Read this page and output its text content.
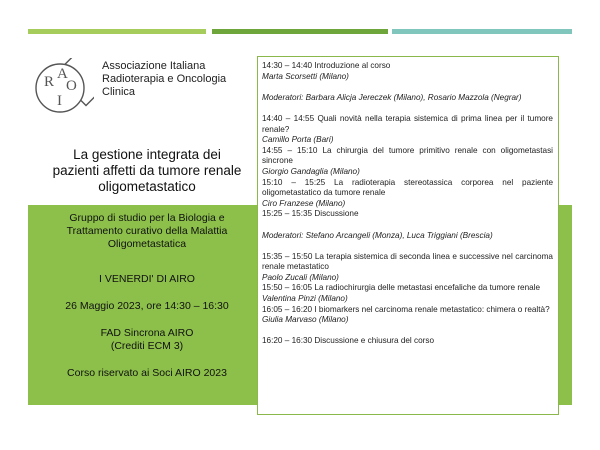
R A
O
I
Associazione Italiana
Radioterapia e Oncologia
Clinica
La gestione integrata dei
pazienti affetti da tumore renale
oligometastatico

Gruppo di studio per la Biologia e

Trattamento curativo della Malattia

Oligometastatica

I VENERDI' DI AIRO

26 Maggio 2023, ore 14:30 – 16:30

FAD Sincrona AIRO

(Crediti ECM 3)

Corso riservato ai Soci AIRO 2023

14:30 – 14:40 Introduzione al corso

Marta Scorsetti (Milano)

Moderatori: Barbara Alicja Jereczek (Milano), Rosario Mazzola (Negrar)

14:40 – 14:55 Quali novità nella terapia sistemica di prima linea per il tumore renale?

Camillo Porta (Bari)

14:55 – 15:10 La chirurgia del tumore primitivo renale con oligometastasi sincrone

Giorgio Gandaglia (Milano)

15:10 – 15:25 La radioterapia stereotassica corporea nel paziente oligometastatico da tumore renale

Ciro Franzese (Milano)

15:25 – 15:35 Discussione

Moderatori: Stefano Arcangeli (Monza), Luca Triggiani (Brescia)

15:35 – 15:50 La terapia sistemica di seconda linea e successive nel carcinoma renale metastatico

Paolo Zucali (Milano)

15:50 – 16:05 La radiochirurgia delle metastasi encefaliche da tumore renale

Valentina Pinzi (Milano)

16:05 – 16:20 I biomarkers nel carcinoma renale metastatico: chimera o realtà?

Giulia Marvaso (Milano)

16:20 – 16:30 Discussione e chiusura del corso
